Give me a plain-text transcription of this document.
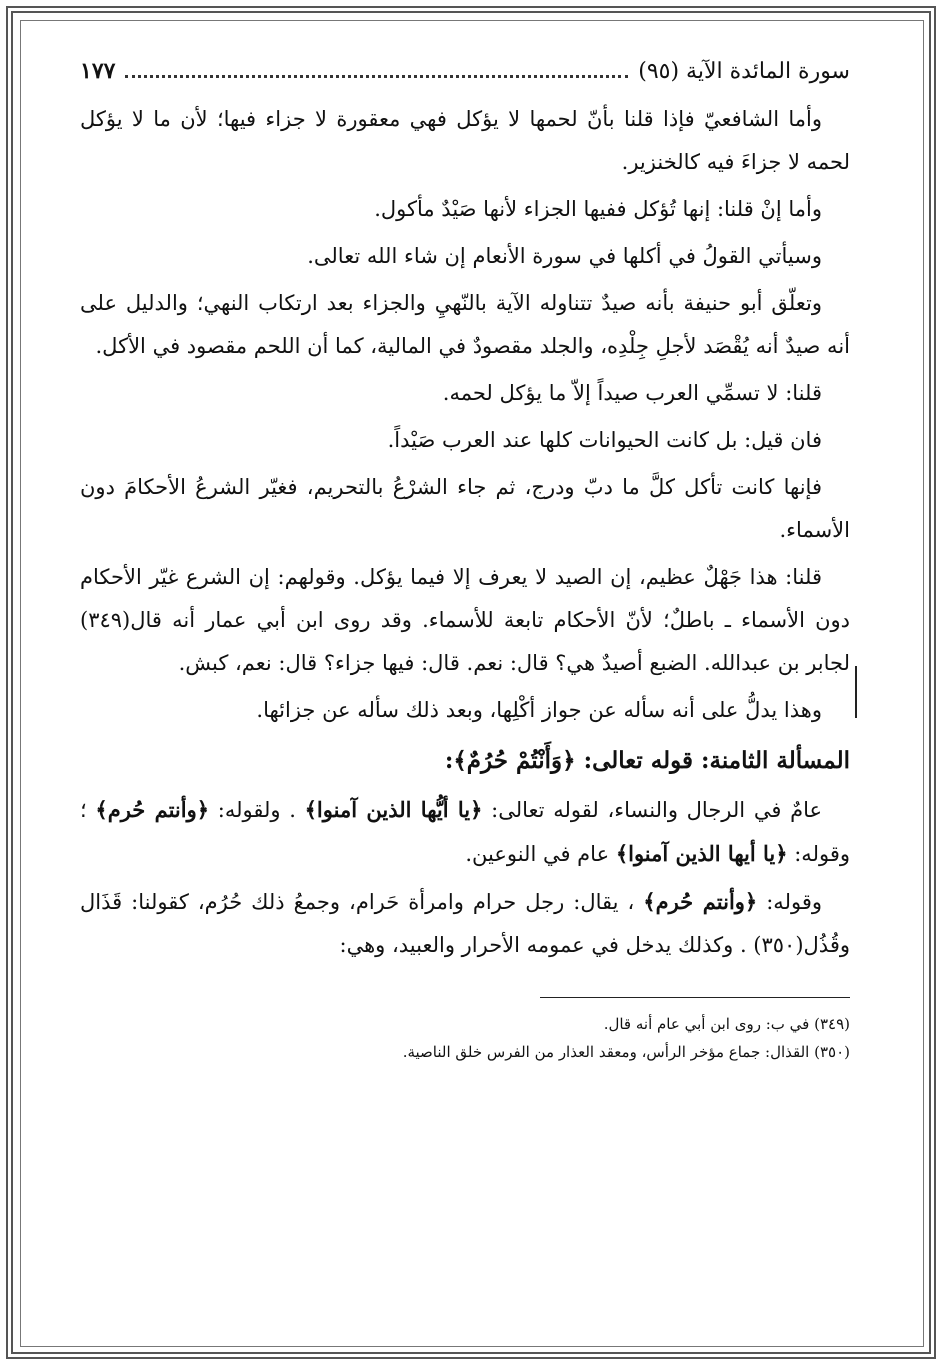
سورة المائدة الآية (٩٥)
١٧٧

وأما الشافعيّ فإذا قلنا بأنّ لحمها لا يؤكل فهي معقورة لا جزاء فيها؛ لأن ما لا يؤكل لحمه لا جزاءَ فيه كالخنزير.

وأما إنْ قلنا: إنها تُؤكل ففيها الجزاء لأنها صَيْدٌ مأكول.

وسيأتي القولُ في أكلها في سورة الأنعام إن شاء الله تعالى.

وتعلّق أبو حنيفة بأنه صيدٌ تتناوله الآية بالنّهيِ والجزاء بعد ارتكاب النهي؛ والدليل على أنه صيدٌ أنه يُقْصَد لأجلِ جِلْدِه، والجلد مقصودٌ في المالية، كما أن اللحم مقصود في الأكل.

قلنا: لا تسمِّي العرب صيداً إلاّ ما يؤكل لحمه.

فان قيل: بل كانت الحيوانات كلها عند العرب صَيْداً.

فإنها كانت تأكل كلَّ ما دبّ ودرج، ثم جاء الشرْعُ بالتحريم، فغيّر الشرعُ الأحكامَ دون الأسماء.

قلنا: هذا جَهْلٌ عظيم، إن الصيد لا يعرف إلا فيما يؤكل. وقولهم: إن الشرع غيّر الأحكام دون الأسماء ـ باطلٌ؛ لأنّ الأحكام تابعة للأسماء. وقد روى ابن أبي عمار أنه قال(٣٤٩) لجابر بن عبدالله. الضبع أصيدٌ هي؟ قال: نعم. قال: فيها جزاء؟ قال: نعم، كبش.

وهذا يدلُّ على أنه سأله عن جواز أكْلِها، وبعد ذلك سأله عن جزائها.

المسألة الثامنة: قوله تعالى: ﴿وَأَنْتُمْ حُرُمٌ﴾:

عامٌ في الرجال والنساء، لقوله تعالى: ﴿يا أيُّها الذين آمنوا﴾ . ولقوله: ﴿وأنتم حُرم﴾ ؛ وقوله: ﴿يا أيها الذين آمنوا﴾ عام في النوعين.

وقوله: ﴿وأنتم حُرم﴾ ، يقال: رجل حرام وامرأة حَرام، وجمعُ ذلك حُرُم، كقولنا: قَذَال وقُذُل(٣٥٠) . وكذلك يدخل في عمومه الأحرار والعبيد، وهي:

(٣٤٩) في ب: روى ابن أبي عام أنه قال.
(٣٥٠) القذال: جماع مؤخر الرأس، ومعقد العذار من الفرس خلق الناصية.
